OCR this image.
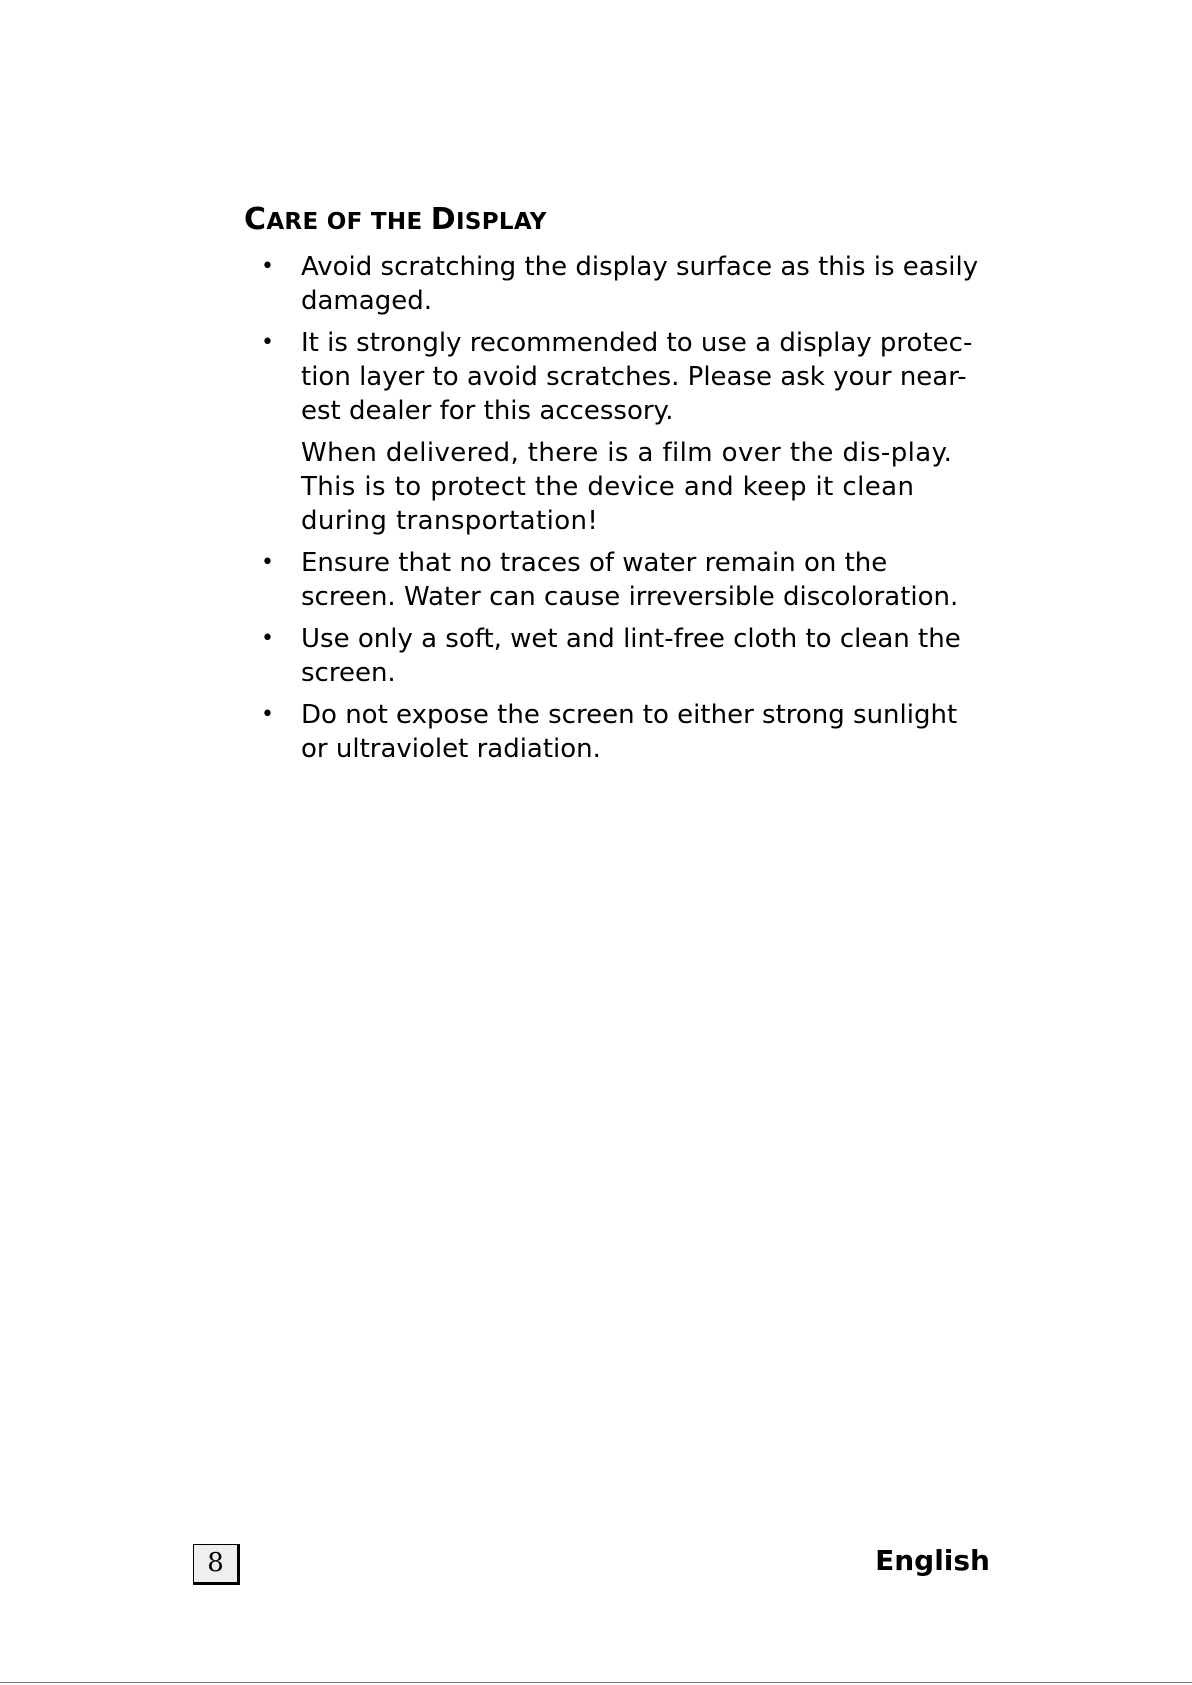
CARE OF THE DISPLAY
• Avoid scratching the display surface as this is easily damaged.
• It is strongly recommended to use a display protec-tion layer to avoid scratches. Please ask your near-est dealer for this accessory.
When delivered, there is a film over the dis-play. This is to protect the device and keep it clean during transportation!
• Ensure that no traces of water remain on the screen. Water can cause irreversible discoloration.
• Use only a soft, wet and lint-free cloth to clean the screen.
• Do not expose the screen to either strong sunlight or ultraviolet radiation.
8	English
